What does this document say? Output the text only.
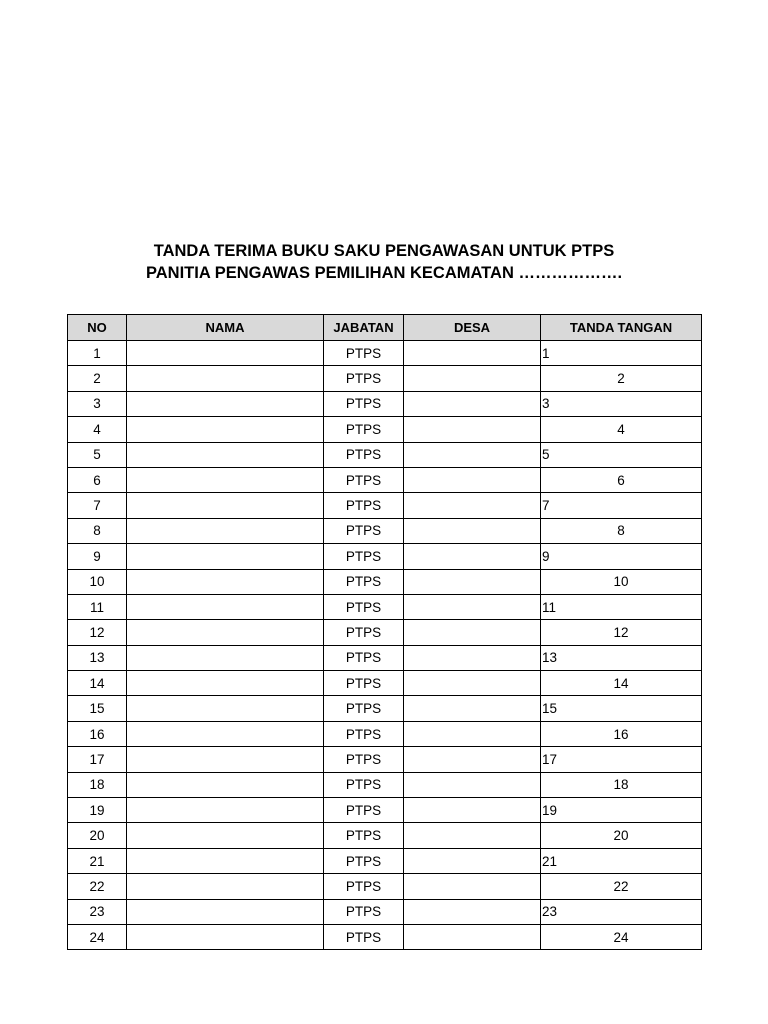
TANDA TERIMA BUKU SAKU PENGAWASAN UNTUK PTPS
PANITIA PENGAWAS PEMILIHAN KECAMATAN ……………….
NO	NAMA	JABATAN	DESA	TANDA TANGAN
1		PTPS		1
2		PTPS		2
3		PTPS		3
4		PTPS		4
5		PTPS		5
6		PTPS		6
7		PTPS		7
8		PTPS		8
9		PTPS		9
10		PTPS		10
11		PTPS		11
12		PTPS		12
13		PTPS		13
14		PTPS		14
15		PTPS		15
16		PTPS		16
17		PTPS		17
18		PTPS		18
19		PTPS		19
20		PTPS		20
21		PTPS		21
22		PTPS		22
23		PTPS		23
24		PTPS		24
